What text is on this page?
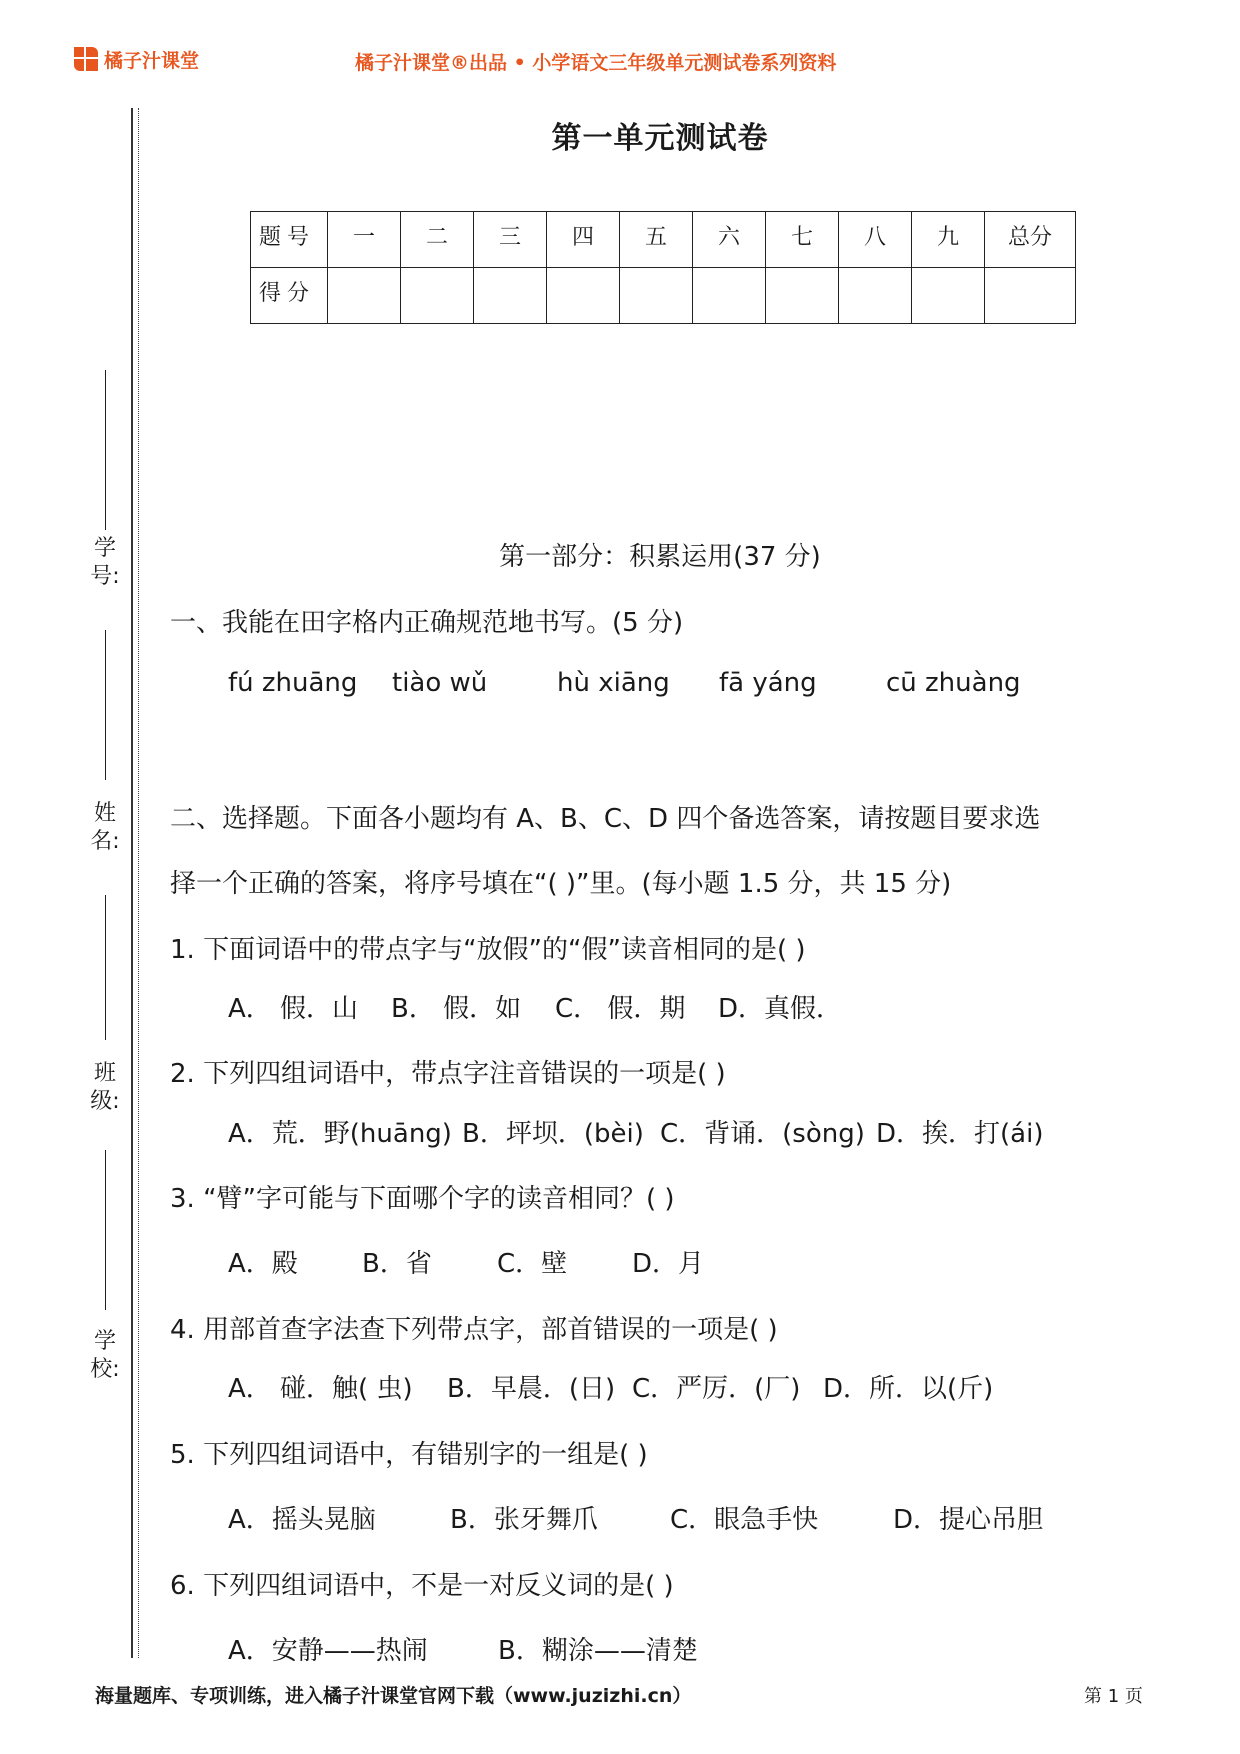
橘子汁课堂	橘子汁课堂®出品 • 小学语文三年级单元测试卷系列资料
学号:
姓名:
班级:
学校:
第一单元测试卷
题号	一	二	三	四	五	六	七	八	九	总分
得分										
第一部分：积累运用(37 分)
一、我能在田字格内正确规范地书写。(5 分)
fú zhuāng tiào wǔ	hù xiāng fā yáng	cū zhuàng
二、选择题。下面各小题均有 A、B、C、D 四个备选答案，请按题目要求选
择一个正确的答案，将序号填在“( )”里。(每小题 1.5 分，共 15 分)
1. 下面词语中的带点字与“放假”的“假”读音相同的是( )
A． 假．山 B． 假．如 C． 假．期 D．真假．
2. 下列四组词语中，带点字注音错误的一项是( )
A．荒．野(huāng) B．坪坝．(bèi) C．背诵．(sòng) D．挨．打(ái)
3. “臂”字可能与下面哪个字的读音相同？( )
A．殿 B．省	C．壁 D．月
4. 用部首查字法查下列带点字，部首错误的一项是( )
A． 碰．触( 虫) B．早晨．(日) C．严厉．(厂) D．所．以(斤)
5. 下列四组词语中，有错别字的一组是( )
A．摇头晃脑	B．张牙舞爪	C．眼急手快	D．提心吊胆
6. 下列四组词语中，不是一对反义词的是( )
A．安静——热闹	B．糊涂——清楚
海量题库、专项训练，进入橘子汁课堂官网下载（www.juzizhi.cn）	第 1 页
